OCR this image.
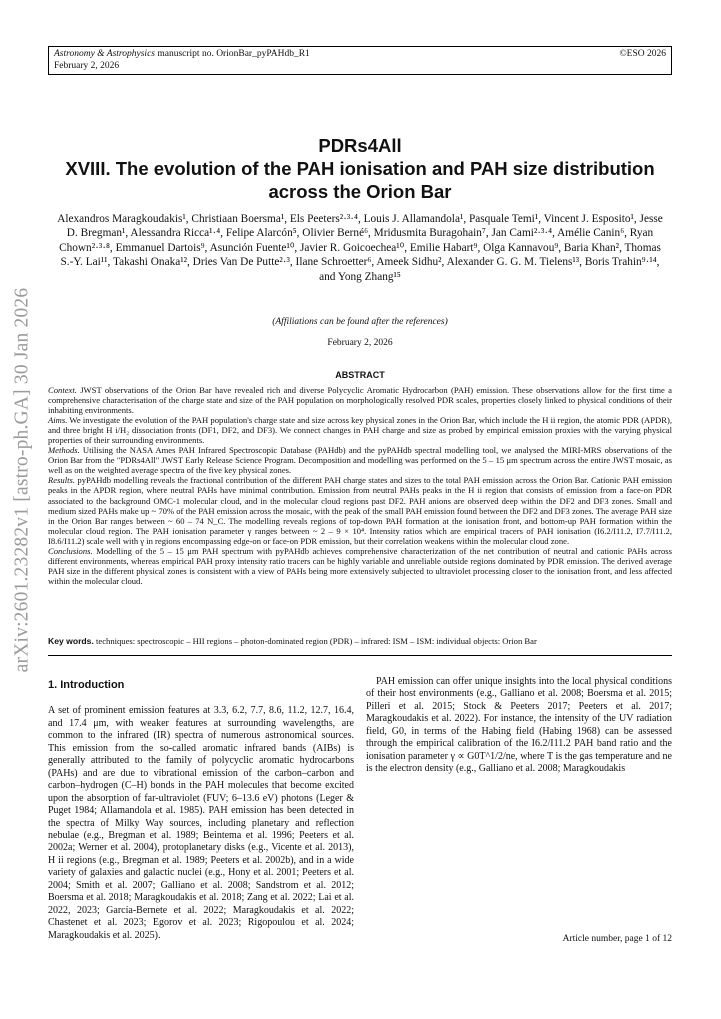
arXiv:2601.23282v1 [astro-ph.GA] 30 Jan 2026
Astronomy & Astrophysics manuscript no. OrionBar_pyPAHdb_R1
February 2, 2026
©ESO 2026
PDRs4All
XVIII. The evolution of the PAH ionisation and PAH size distribution
across the Orion Bar
Alexandros Maragkoudakis¹, Christiaan Boersma¹, Els Peeters²·³·⁴, Louis J. Allamandola¹, Pasquale Temi¹, Vincent J. Esposito¹, Jesse D. Bregman¹, Alessandra Ricca¹·⁴, Felipe Alarcón⁵, Olivier Berné⁶, Mridusmita Buragohain⁷, Jan Cami²·³·⁴, Amélie Canin⁶, Ryan Chown²·³·⁸, Emmanuel Dartois⁹, Asunción Fuente¹⁰, Javier R. Goicoechea¹⁰, Emilie Habart⁹, Olga Kannavou⁹, Baria Khan², Thomas S.-Y. Lai¹¹, Takashi Onaka¹², Dries Van De Putte²·³, Ilane Schroetter⁶, Ameek Sidhu², Alexander G. G. M. Tielens¹³, Boris Trahin⁹·¹⁴, and Yong Zhang¹⁵
(Affiliations can be found after the references)
February 2, 2026
ABSTRACT

Context. JWST observations of the Orion Bar have revealed rich and diverse Polycyclic Aromatic Hydrocarbon (PAH) emission. These observations allow for the first time a comprehensive characterisation of the charge state and size of the PAH population on morphologically resolved PDR scales, properties closely linked to physical conditions of their inhabiting environments.

Aims. We investigate the evolution of the PAH population's charge state and size across key physical zones in the Orion Bar, which include the H ii region, the atomic PDR (APDR), and three bright H i/H₂ dissociation fronts (DF1, DF2, and DF3). We connect changes in PAH charge and size as probed by empirical emission proxies with the varying physical properties of their surrounding environments.

Methods. Utilising the NASA Ames PAH Infrared Spectroscopic Database (PAHdb) and the pyPAHdb spectral modelling tool, we analysed the MIRI-MRS observations of the Orion Bar from the "PDRs4All" JWST Early Release Science Program. Decomposition and modelling was performed on the 5 – 15 μm spectrum across the entire JWST mosaic, as well as on the weighted average spectra of the five key physical zones.

Results. pyPAHdb modelling reveals the fractional contribution of the different PAH charge states and sizes to the total PAH emission across the Orion Bar. Cationic PAH emission peaks in the APDR region, where neutral PAHs have minimal contribution. Emission from neutral PAHs peaks in the H ii region that consists of emission from a face-on PDR associated to the background OMC-1 molecular cloud, and in the molecular cloud regions past DF2. PAH anions are observed deep within the DF2 and DF3 zones. Small and medium sized PAHs make up ~ 70% of the PAH emission across the mosaic, with the peak of the small PAH emission found between the DF2 and DF3 zones. The average PAH size in the Orion Bar ranges between ~ 60 – 74 N_C. The modelling reveals regions of top-down PAH formation at the ionisation front, and bottom-up PAH formation within the molecular cloud region. The PAH ionisation parameter γ ranges between ~ 2 – 9 × 10⁴. Intensity ratios which are empirical tracers of PAH ionisation (I6.2/I11.2, I7.7/I11.2, I8.6/I11.2) scale well with γ in regions encompassing edge-on or face-on PDR emission, but their correlation weakens within the molecular cloud zone.

Conclusions. Modelling of the 5 – 15 μm PAH spectrum with pyPAHdb achieves comprehensive characterization of the net contribution of neutral and cationic PAHs across different environments, whereas empirical PAH proxy intensity ratio tracers can be highly variable and unreliable outside regions dominated by PDR emission. The derived average PAH size in the different physical zones is consistent with a view of PAHs being more extensively subjected to ultraviolet processing closer to the ionisation front, and less affected within the molecular cloud.

Key words. techniques: spectroscopic – HII regions – photon-dominated region (PDR) – infrared: ISM – ISM: individual objects: Orion Bar

1. Introduction

A set of prominent emission features at 3.3, 6.2, 7.7, 8.6, 11.2, 12.7, 16.4, and 17.4 μm, with weaker features at surrounding wavelengths, are common to the infrared (IR) spectra of numerous astronomical sources. This emission from the so-called aromatic infrared bands (AIBs) is generally attributed to the family of polycyclic aromatic hydrocarbons (PAHs) and are due to vibrational emission of the carbon–carbon and carbon–hydrogen (C–H) bonds in the PAH molecules that become excited upon the absorption of far-ultraviolet (FUV; 6–13.6 eV) photons (Leger & Puget 1984; Allamandola et al. 1985). PAH emission has been detected in the spectra of Milky Way sources, including planetary and reflection nebulae (e.g., Bregman et al. 1989; Beintema et al. 1996; Peeters et al. 2002a; Werner et al. 2004), protoplanetary disks (e.g., Vicente et al. 2013), H ii regions (e.g., Bregman et al. 1989; Peeters et al. 2002b), and in a wide variety of galaxies and galactic nuclei (e.g., Hony et al. 2001; Peeters et al. 2004; Smith et al. 2007; Galliano et al. 2008; Sandstrom et al. 2012; Boersma et al. 2018; Maragkoudakis et al. 2018; Zang et al. 2022; Lai et al. 2022, 2023; García-Bernete et al. 2022; Maragkoudakis et al. 2022; Chastenet et al. 2023; Egorov et al. 2023; Rigopoulou et al. 2024; Maragkoudakis et al. 2025).

PAH emission can offer unique insights into the local physical conditions of their host environments (e.g., Galliano et al. 2008; Boersma et al. 2015; Pilleri et al. 2015; Stock & Peeters 2017; Peeters et al. 2017; Maragkoudakis et al. 2022). For instance, the intensity of the UV radiation field, G0, in terms of the Habing field (Habing 1968) can be assessed through the empirical calibration of the I6.2/I11.2 PAH band ratio and the ionisation parameter γ ∝ G0T^1/2/ne, where T is the gas temperature and ne is the electron density (e.g., Galliano et al. 2008; Maragkoudakis

Article number, page 1 of 12
